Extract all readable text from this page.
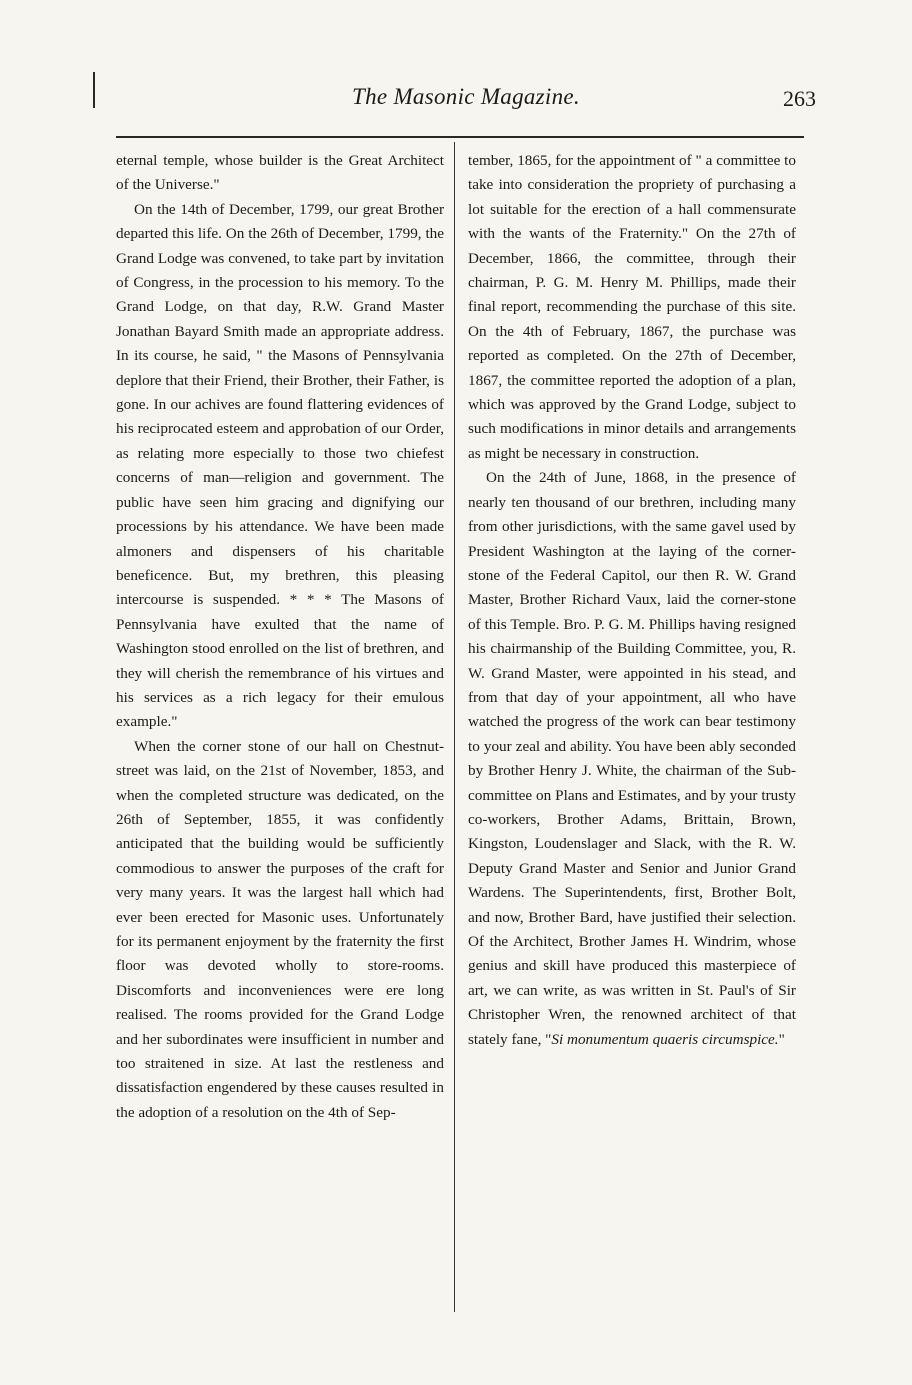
The Masonic Magazine.	263

eternal temple, whose builder is the Great Architect of the Universe."

On the 14th of December, 1799, our great Brother departed this life. On the 26th of December, 1799, the Grand Lodge was convened, to take part by invitation of Congress, in the procession to his memory. To the Grand Lodge, on that day, R.W. Grand Master Jonathan Bayard Smith made an appropriate address. In its course, he said, " the Masons of Pennsylvania deplore that their Friend, their Brother, their Father, is gone. In our achives are found flattering evidences of his reciprocated esteem and approbation of our Order, as relating more especially to those two chiefest concerns of man—religion and government. The public have seen him gracing and dignifying our processions by his attendance. We have been made almoners and dispensers of his charitable beneficence. But, my brethren, this pleasing intercourse is suspended. * * * The Masons of Pennsylvania have exulted that the name of Washington stood enrolled on the list of brethren, and they will cherish the remembrance of his virtues and his services as a rich legacy for their emulous example."

When the corner stone of our hall on Chestnut-street was laid, on the 21st of November, 1853, and when the completed structure was dedicated, on the 26th of September, 1855, it was confidently anticipated that the building would be sufficiently commodious to answer the purposes of the craft for very many years. It was the largest hall which had ever been erected for Masonic uses. Unfortunately for its permanent enjoyment by the fraternity the first floor was devoted wholly to store-rooms. Discomforts and inconveniences were ere long realised. The rooms provided for the Grand Lodge and her subordinates were insufficient in number and too straitened in size. At last the restleness and dissatisfaction engendered by these causes resulted in the adoption of a resolution on the 4th of Sep-

tember, 1865, for the appointment of " a committee to take into consideration the propriety of purchasing a lot suitable for the erection of a hall commensurate with the wants of the Fraternity." On the 27th of December, 1866, the committee, through their chairman, P. G. M. Henry M. Phillips, made their final report, recommending the purchase of this site. On the 4th of February, 1867, the purchase was reported as completed. On the 27th of December, 1867, the committee reported the adoption of a plan, which was approved by the Grand Lodge, subject to such modifications in minor details and arrangements as might be necessary in construction.

On the 24th of June, 1868, in the presence of nearly ten thousand of our brethren, including many from other jurisdictions, with the same gavel used by President Washington at the laying of the corner-stone of the Federal Capitol, our then R. W. Grand Master, Brother Richard Vaux, laid the corner-stone of this Temple. Bro. P. G. M. Phillips having resigned his chairmanship of the Building Committee, you, R. W. Grand Master, were appointed in his stead, and from that day of your appointment, all who have watched the progress of the work can bear testimony to your zeal and ability. You have been ably seconded by Brother Henry J. White, the chairman of the Sub-committee on Plans and Estimates, and by your trusty co-workers, Brother Adams, Brittain, Brown, Kingston, Loudenslager and Slack, with the R. W. Deputy Grand Master and Senior and Junior Grand Wardens. The Superintendents, first, Brother Bolt, and now, Brother Bard, have justified their selection. Of the Architect, Brother James H. Windrim, whose genius and skill have produced this masterpiece of art, we can write, as was written in St. Paul's of Sir Christopher Wren, the renowned architect of that stately fane, "Si monumentum quaeris circumspice."
